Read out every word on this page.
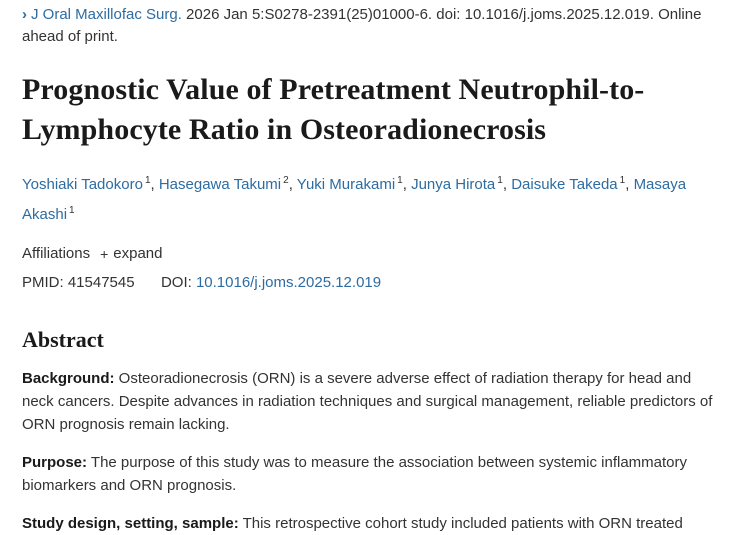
› J Oral Maxillofac Surg. 2026 Jan 5:S0278-2391(25)01000-6. doi: 10.1016/j.joms.2025.12.019. Online ahead of print.
Prognostic Value of Pretreatment Neutrophil-to-Lymphocyte Ratio in Osteoradionecrosis
Yoshiaki Tadokoro $^1$, Hasegawa Takumi $^2$, Yuki Murakami $^1$, Junya Hirota $^1$, Daisuke Takeda $^1$, Masaya Akashi $^1$
Affiliations + expand
PMID: 41547545 DOI: 10.1016/j.joms.2025.12.019
Abstract

Background: Osteoradionecrosis (ORN) is a severe adverse effect of radiation therapy for head and neck cancers. Despite advances in radiation techniques and surgical management, reliable predictors of ORN prognosis remain lacking.

Purpose: The purpose of this study was to measure the association between systemic inflammatory biomarkers and ORN prognosis.

Study design, setting, sample: This retrospective cohort study included patients with ORN treated
